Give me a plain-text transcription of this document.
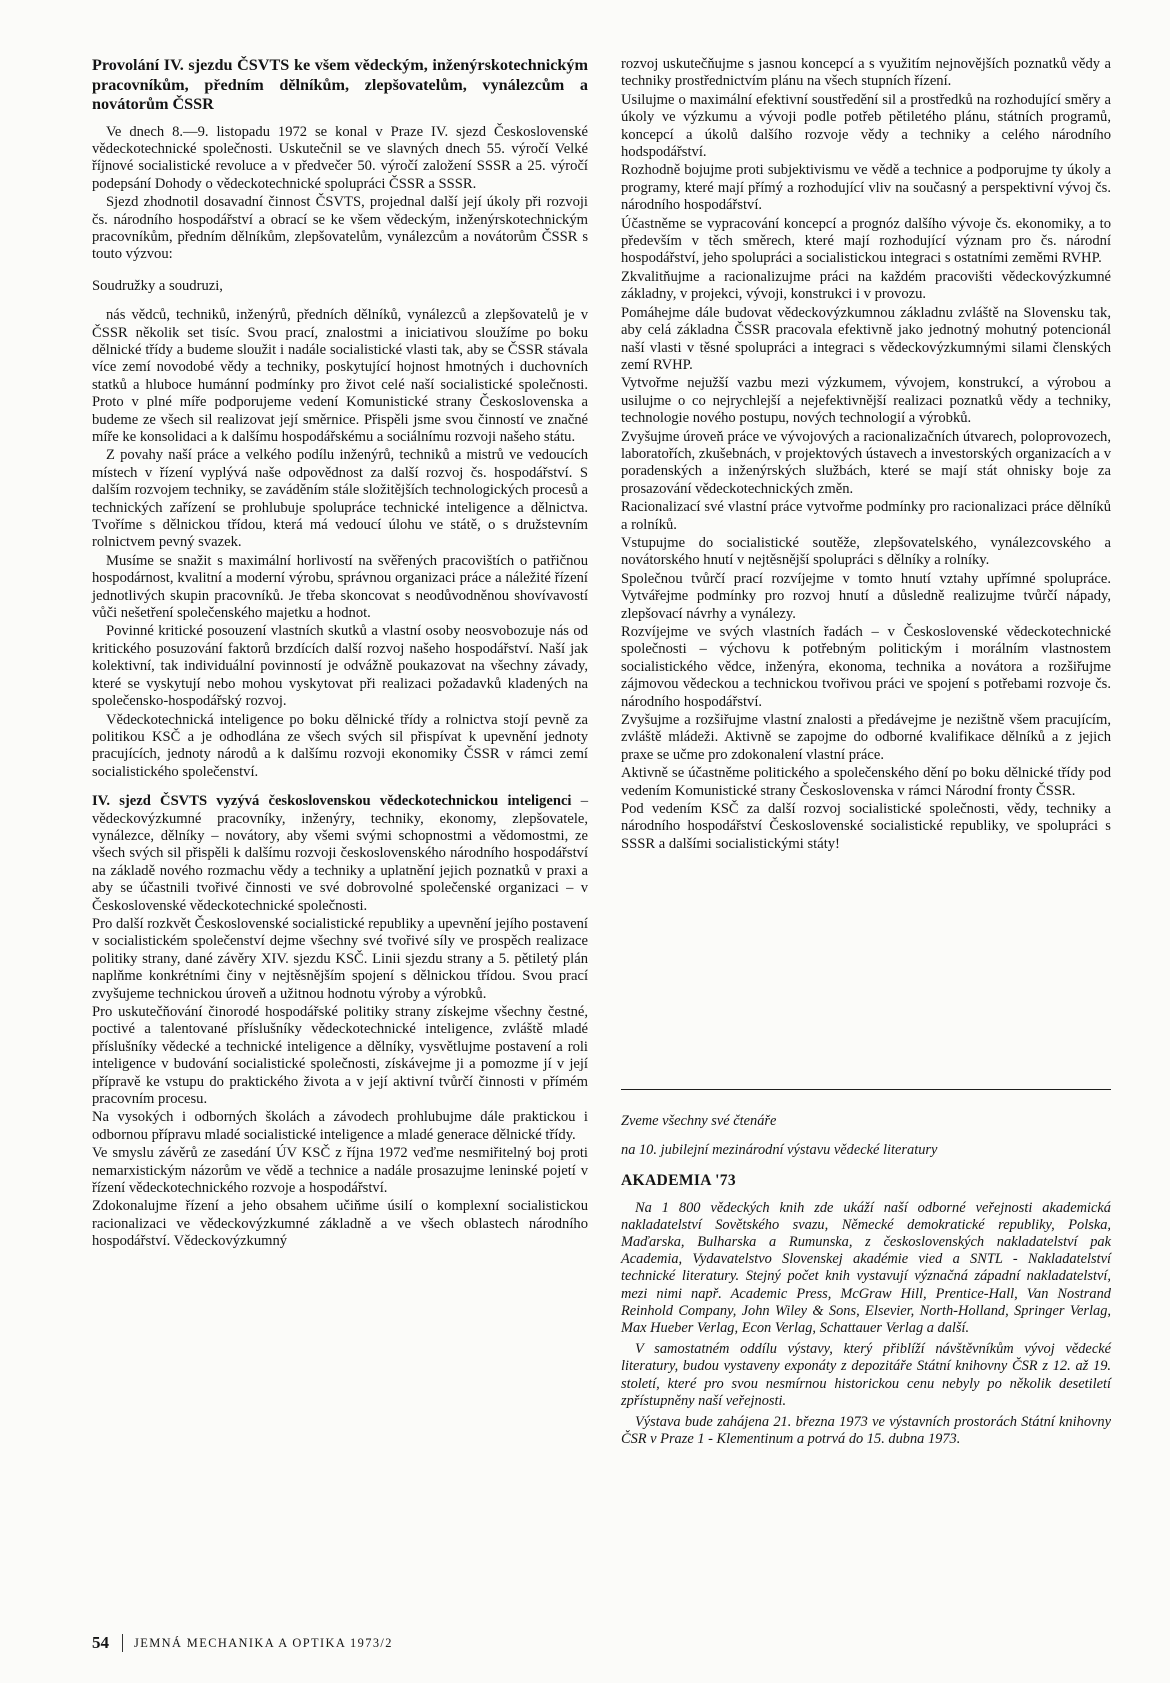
Provolání IV. sjezdu ČSVTS ke všem vědeckým, inženýrskotechnickým pracovníkům, předním dělníkům, zlepšovatelům, vynálezcům a novátorům ČSSR

Ve dnech 8.—9. listopadu 1972 se konal v Praze IV. sjezd Československé vědeckotechnické společnosti. Uskutečnil se ve slavných dnech 55. výročí Velké říjnové socialistické revoluce a v předvečer 50. výročí založení SSSR a 25. výročí podepsání Dohody o vědeckotechnické spolupráci ČSSR a SSSR.

Sjezd zhodnotil dosavadní činnost ČSVTS, projednal další její úkoly při rozvoji čs. národního hospodářství a obrací se ke všem vědeckým, inženýrskotechnickým pracovníkům, předním dělníkům, zlepšovatelům, vynálezcům a novátorům ČSSR s touto výzvou:

Soudružky a soudruzi,

nás vědců, techniků, inženýrů, předních dělníků, vynálezců a zlepšovatelů je v ČSSR několik set tisíc. Svou prací, znalostmi a iniciativou sloužíme po boku dělnické třídy a budeme sloužit i nadále socialistické vlasti tak, aby se ČSSR stávala více zemí novodobé vědy a techniky, poskytující hojnost hmotných i duchovních statků a hluboce humánní podmínky pro život celé naší socialistické společnosti. Proto v plné míře podporujeme vedení Komunistické strany Československa a budeme ze všech sil realizovat její směrnice. Přispěli jsme svou činností ve značné míře ke konsolidaci a k dalšímu hospodářskému a sociálnímu rozvoji našeho státu.

Z povahy naší práce a velkého podílu inženýrů, techniků a mistrů ve vedoucích místech v řízení vyplývá naše odpovědnost za další rozvoj čs. hospodářství. S dalším rozvojem techniky, se zaváděním stále složitějších technologických procesů a technických zařízení se prohlubuje spolupráce technické inteligence a dělnictva. Tvoříme s dělnickou třídou, která má vedoucí úlohu ve státě, o s družstevním rolnictvem pevný svazek.

Musíme se snažit s maximální horlivostí na svěřených pracovištích o patřičnou hospodárnost, kvalitní a moderní výrobu, správnou organizaci práce a náležité řízení jednotlivých skupin pracovníků. Je třeba skoncovat s neodůvodněnou shovívavostí vůči nešetření společenského majetku a hodnot.

Povinné kritické posouzení vlastních skutků a vlastní osoby neosvobozuje nás od kritického posuzování faktorů brzdících další rozvoj našeho hospodářství. Naší jak kolektivní, tak individuální povinností je odvážně poukazovat na všechny závady, které se vyskytují nebo mohou vyskytovat při realizaci požadavků kladených na společensko-hospodářský rozvoj.

Vědeckotechnická inteligence po boku dělnické třídy a rolnictva stojí pevně za politikou KSČ a je odhodlána ze všech svých sil přispívat k upevnění jednoty pracujících, jednoty národů a k dalšímu rozvoji ekonomiky ČSSR v rámci zemí socialistického společenství.

IV. sjezd ČSVTS vyzývá československou vědeckotechnickou inteligenci – vědeckovýzkumné pracovníky, inženýry, techniky, ekonomy, zlepšovatele, vynálezce, dělníky – novátory, aby všemi svými schopnostmi a vědomostmi, ze všech svých sil přispěli k dalšímu rozvoji československého národního hospodářství na základě nového rozmachu vědy a techniky a uplatnění jejich poznatků v praxi a aby se účastnili tvořivé činnosti ve své dobrovolné společenské organizaci – v Československé vědeckotechnické společnosti.

Pro další rozkvět Československé socialistické republiky a upevnění jejího postavení v socialistickém společenství dejme všechny své tvořivé síly ve prospěch realizace politiky strany, dané závěry XIV. sjezdu KSČ. Linii sjezdu strany a 5. pětiletý plán naplňme konkrétními činy v nejtěsnějším spojení s dělnickou třídou. Svou prací zvyšujeme technickou úroveň a užitnou hodnotu výroby a výrobků.

Pro uskutečňování činorodé hospodářské politiky strany získejme všechny čestné, poctivé a talentované příslušníky vědeckotechnické inteligence, zvláště mladé příslušníky vědecké a technické inteligence a dělníky, vysvětlujme postavení a roli inteligence v budování socialistické společnosti, získávejme ji a pomozme jí v její přípravě ke vstupu do praktického života a v její aktivní tvůrčí činnosti v přímém pracovním procesu.

Na vysokých i odborných školách a závodech prohlubujme dále praktickou i odbornou přípravu mladé socialistické inteligence a mladé generace dělnické třídy.

Ve smyslu závěrů ze zasedání ÚV KSČ z října 1972 veďme nesmiřitelný boj proti nemarxistickým názorům ve vědě a technice a nadále prosazujme leninské pojetí v řízení vědeckotechnického rozvoje a hospodářství.

Zdokonalujme řízení a jeho obsahem učiňme úsilí o komplexní socialistickou racionalizaci ve vědeckovýzkumné základně a ve všech oblastech národního hospodářství. Vědeckovýzkumný

rozvoj uskutečňujme s jasnou koncepcí a s využitím nejnovějších poznatků vědy a techniky prostřednictvím plánu na všech stupních řízení.

Usilujme o maximální efektivní soustředění sil a prostředků na rozhodující směry a úkoly ve výzkumu a vývoji podle potřeb pětiletého plánu, státních programů, koncepcí a úkolů dalšího rozvoje vědy a techniky a celého národního hodspodářství.

Rozhodně bojujme proti subjektivismu ve vědě a technice a podporujme ty úkoly a programy, které mají přímý a rozhodující vliv na současný a perspektivní vývoj čs. národního hospodářství.

Účastněme se vypracování koncepcí a prognóz dalšího vývoje čs. ekonomiky, a to především v těch směrech, které mají rozhodující význam pro čs. národní hospodářství, jeho spolupráci a socialistickou integraci s ostatními zeměmi RVHP.

Zkvalitňujme a racionalizujme práci na každém pracovišti vědeckovýzkumné základny, v projekci, vývoji, konstrukci i v provozu.

Pomáhejme dále budovat vědeckovýzkumnou základnu zvláště na Slovensku tak, aby celá základna ČSSR pracovala efektivně jako jednotný mohutný potencionál naší vlasti v těsné spolupráci a integraci s vědeckovýzkumnými silami členských zemí RVHP.

Vytvořme nejužší vazbu mezi výzkumem, vývojem, konstrukcí, a výrobou a usilujme o co nejrychlejší a nejefektivnější realizaci poznatků vědy a techniky, technologie nového postupu, nových technologií a výrobků.

Zvyšujme úroveň práce ve vývojových a racionalizačních útvarech, poloprovozech, laboratořích, zkušebnách, v projektových ústavech a investorských organizacích a v poradenských a inženýrských službách, které se mají stát ohnisky boje za prosazování vědeckotechnických změn.

Racionalizací své vlastní práce vytvořme podmínky pro racionalizaci práce dělníků a rolníků.

Vstupujme do socialistické soutěže, zlepšovatelského, vynálezcovského a novátorského hnutí v nejtěsnější spolupráci s dělníky a rolníky.

Společnou tvůrčí prací rozvíjejme v tomto hnutí vztahy upřímné spolupráce. Vytvářejme podmínky pro rozvoj hnutí a důsledně realizujme tvůrčí nápady, zlepšovací návrhy a vynálezy.

Rozvíjejme ve svých vlastních řadách – v Československé vědeckotechnické společnosti – výchovu k potřebným politickým i morálním vlastnostem socialistického vědce, inženýra, ekonoma, technika a novátora a rozšiřujme zájmovou vědeckou a technickou tvořivou práci ve spojení s potřebami rozvoje čs. národního hospodářství.

Zvyšujme a rozšiřujme vlastní znalosti a předávejme je nezištně všem pracujícím, zvláště mládeži. Aktivně se zapojme do odborné kvalifikace dělníků a z jejich praxe se učme pro zdokonalení vlastní práce.

Aktivně se účastněme politického a společenského dění po boku dělnické třídy pod vedením Komunistické strany Československa v rámci Národní fronty ČSSR.

Pod vedením KSČ za další rozvoj socialistické společnosti, vědy, techniky a národního hospodářství Československé socialistické republiky, ve spolupráci s SSSR a dalšími socialistickými státy!

Zveme všechny své čtenáře

na 10. jubilejní mezinárodní výstavu vědecké literatury

AKADEMIA '73

Na 1 800 vědeckých knih zde ukáží naší odborné veřejnosti akademická nakladatelství Sovětského svazu, Německé demokratické republiky, Polska, Maďarska, Bulharska a Rumunska, z československých nakladatelství pak Academia, Vydavatelstvo Slovenskej akadémie vied a SNTL - Nakladatelství technické literatury. Stejný počet knih vystavují význačná západní nakladatelství, mezi nimi např. Academic Press, McGraw Hill, Prentice-Hall, Van Nostrand Reinhold Company, John Wiley & Sons, Elsevier, North-Holland, Springer Verlag, Max Hueber Verlag, Econ Verlag, Schattauer Verlag a další.

V samostatném oddílu výstavy, který přiblíží návštěvníkům vývoj vědecké literatury, budou vystaveny exponáty z depozitáře Státní knihovny ČSR z 12. až 19. století, které pro svou nesmírnou historickou cenu nebyly po několik desetiletí zpřístupněny naší veřejnosti.

Výstava bude zahájena 21. března 1973 ve výstavních prostorách Státní knihovny ČSR v Praze 1 - Klementinum a potrvá do 15. dubna 1973.

54 JEMNÁ MECHANIKA A OPTIKA 1973/2
